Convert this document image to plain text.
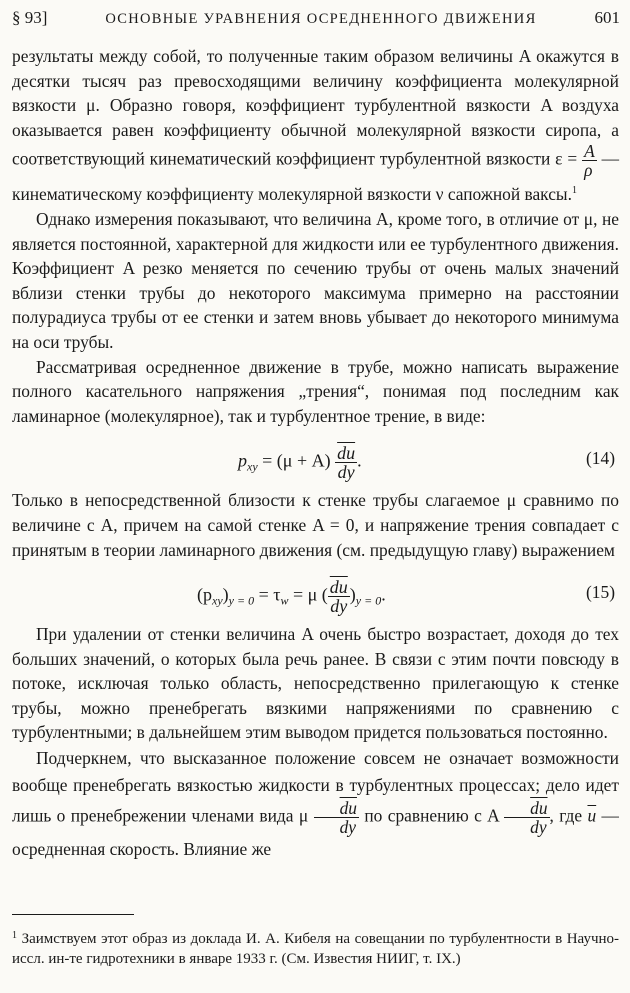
§ 93]	ОСНОВНЫЕ УРАВНЕНИЯ ОСРЕДНЕННОГО ДВИЖЕНИЯ	601

результаты между собой, то полученные таким образом величины A окажутся в десятки тысяч раз превосходящими величину коэффициента молекулярной вязкости μ. Образно говоря, коэффициент турбулентной вязкости A воздуха оказывается равен коэффициенту обычной молекулярной вязкости сиропа, а соответствующий кинематический коэффициент турбулентной вязкости $\varepsilon = \frac{A}{\rho}$ — кинематическому коэффициенту молекулярной вязкости ν сапожной ваксы.$^1$

Однако измерения показывают, что величина A, кроме того, в отличие от μ, не является постоянной, характерной для жидкости или ее турбулентного движения. Коэффициент A резко меняется по сечению трубы от очень малых значений вблизи стенки трубы до некоторого максимума примерно на расстоянии полурадиуса трубы от ее стенки и затем вновь убывает до некоторого минимума на оси трубы.

Рассматривая осредненное движение в трубе, можно написать выражение полного касательного напряжения „трения“, понимая под последним как ламинарное (молекулярное), так и турбулентное трение, в виде:

$p_{xy} = (\mu + A) \frac{\overline{du}}{dy}$ .	(14)

Только в непосредственной близости к стенке трубы слагаемое μ сравнимо по величине с A, причем на самой стенке A = 0, и напряжение трения совпадает с принятым в теории ламинарного движения (см. предыдущую главу) выражением

$(p_{xy})_{y = 0} = \tau_w = \mu$ ( $\frac{\overline{du}}{dy} )_{y = 0}$.	(15)

При удалении от стенки величина A очень быстро возрастает, доходя до тех больших значений, о которых была речь ранее. В связи с этим почти повсюду в потоке, исключая только область, непосредственно прилегающую к стенке трубы, можно пренебрегать вязкими напряжениями по сравнению с турбулентными; в дальнейшем этим выводом придется пользоваться постоянно.

Подчеркнем, что высказанное положение совсем не означает возможности вообще пренебрегать вязкостью жидкости в турбулентных процессах; дело идет лишь о пренебрежении членами вида μ $\frac{\overline{du}}{dy}$ по сравнению с A $\frac{\overline{du}}{dy}$ , где $\overline{u}$ — осредненная скорость. Влияние же

$^1$ Заимствуем этот образ из доклада И. А. Кибеля на совещании по турбулентности в Научно-иссл. ин-те гидротехники в январе 1933 г. (См. Известия НИИГ, т. IX.)
